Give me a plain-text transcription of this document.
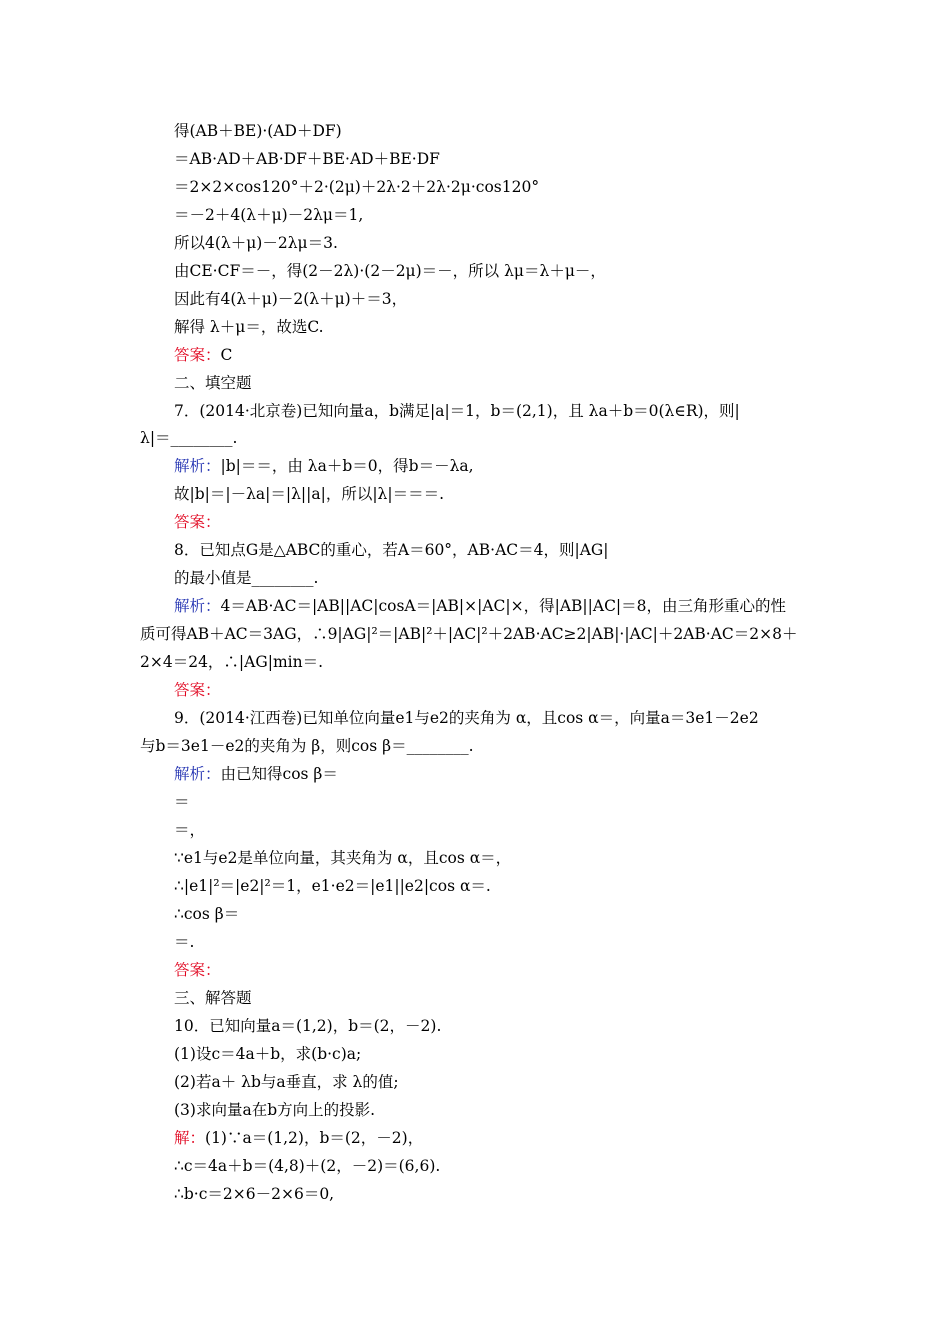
得(AB＋BE)·(AD＋DF)
＝AB·AD＋AB·DF＋BE·AD＋BE·DF
＝2×2×cos120°＋2·(2μ)＋2λ·2＋2λ·2μ·cos120°
＝－2＋4(λ＋μ)－2λμ＝1,
所以4(λ＋μ)－2λμ＝3.
由CE·CF＝－，得(2－2λ)·(2－2μ)＝－，所以 λμ＝λ＋μ－，
因此有4(λ＋μ)－2(λ＋μ)＋＝3，
解得 λ＋μ＝，故选C.
答案：C
二、填空题
7．(2014·北京卷)已知向量a，b满足|a|＝1，b＝(2,1)，且 λa＋b＝0(λ∈R)，则|
λ|＝________.
解析：|b|＝＝，由 λa＋b＝0，得b＝－λa,
故|b|＝|－λa|＝|λ||a|，所以|λ|＝＝＝.
答案：
8．已知点G是△ABC的重心，若A＝60°，AB·AC＝4，则|AG|
的最小值是________.
解析：4＝AB·AC＝|AB||AC|cosA＝|AB|×|AC|×，得|AB||AC|＝8，由三角形重心的性
质可得AB＋AC＝3AG，∴9|AG|²＝|AB|²＋|AC|²＋2AB·AC≥2|AB|·|AC|＋2AB·AC＝2×8＋
2×4＝24，∴|AG|min＝.
答案：
9．(2014·江西卷)已知单位向量e1与e2的夹角为 α，且cos α＝，向量a＝3e1－2e2
与b＝3e1－e2的夹角为 β，则cos β＝________.
解析：由已知得cos β＝
＝
＝，
∵e1与e2是单位向量，其夹角为 α，且cos α＝，
∴|e1|²＝|e2|²＝1，e1·e2＝|e1||e2|cos α＝.
∴cos β＝
＝.
答案：
三、解答题
10．已知向量a＝(1,2)，b＝(2，－2).
(1)设c＝4a＋b，求(b·c)a;
(2)若a＋ λb与a垂直，求 λ的值;
(3)求向量a在b方向上的投影.
解：(1)∵a＝(1,2)，b＝(2，－2)，
∴c＝4a＋b＝(4,8)＋(2，－2)＝(6,6).
∴b·c＝2×6－2×6＝0,
